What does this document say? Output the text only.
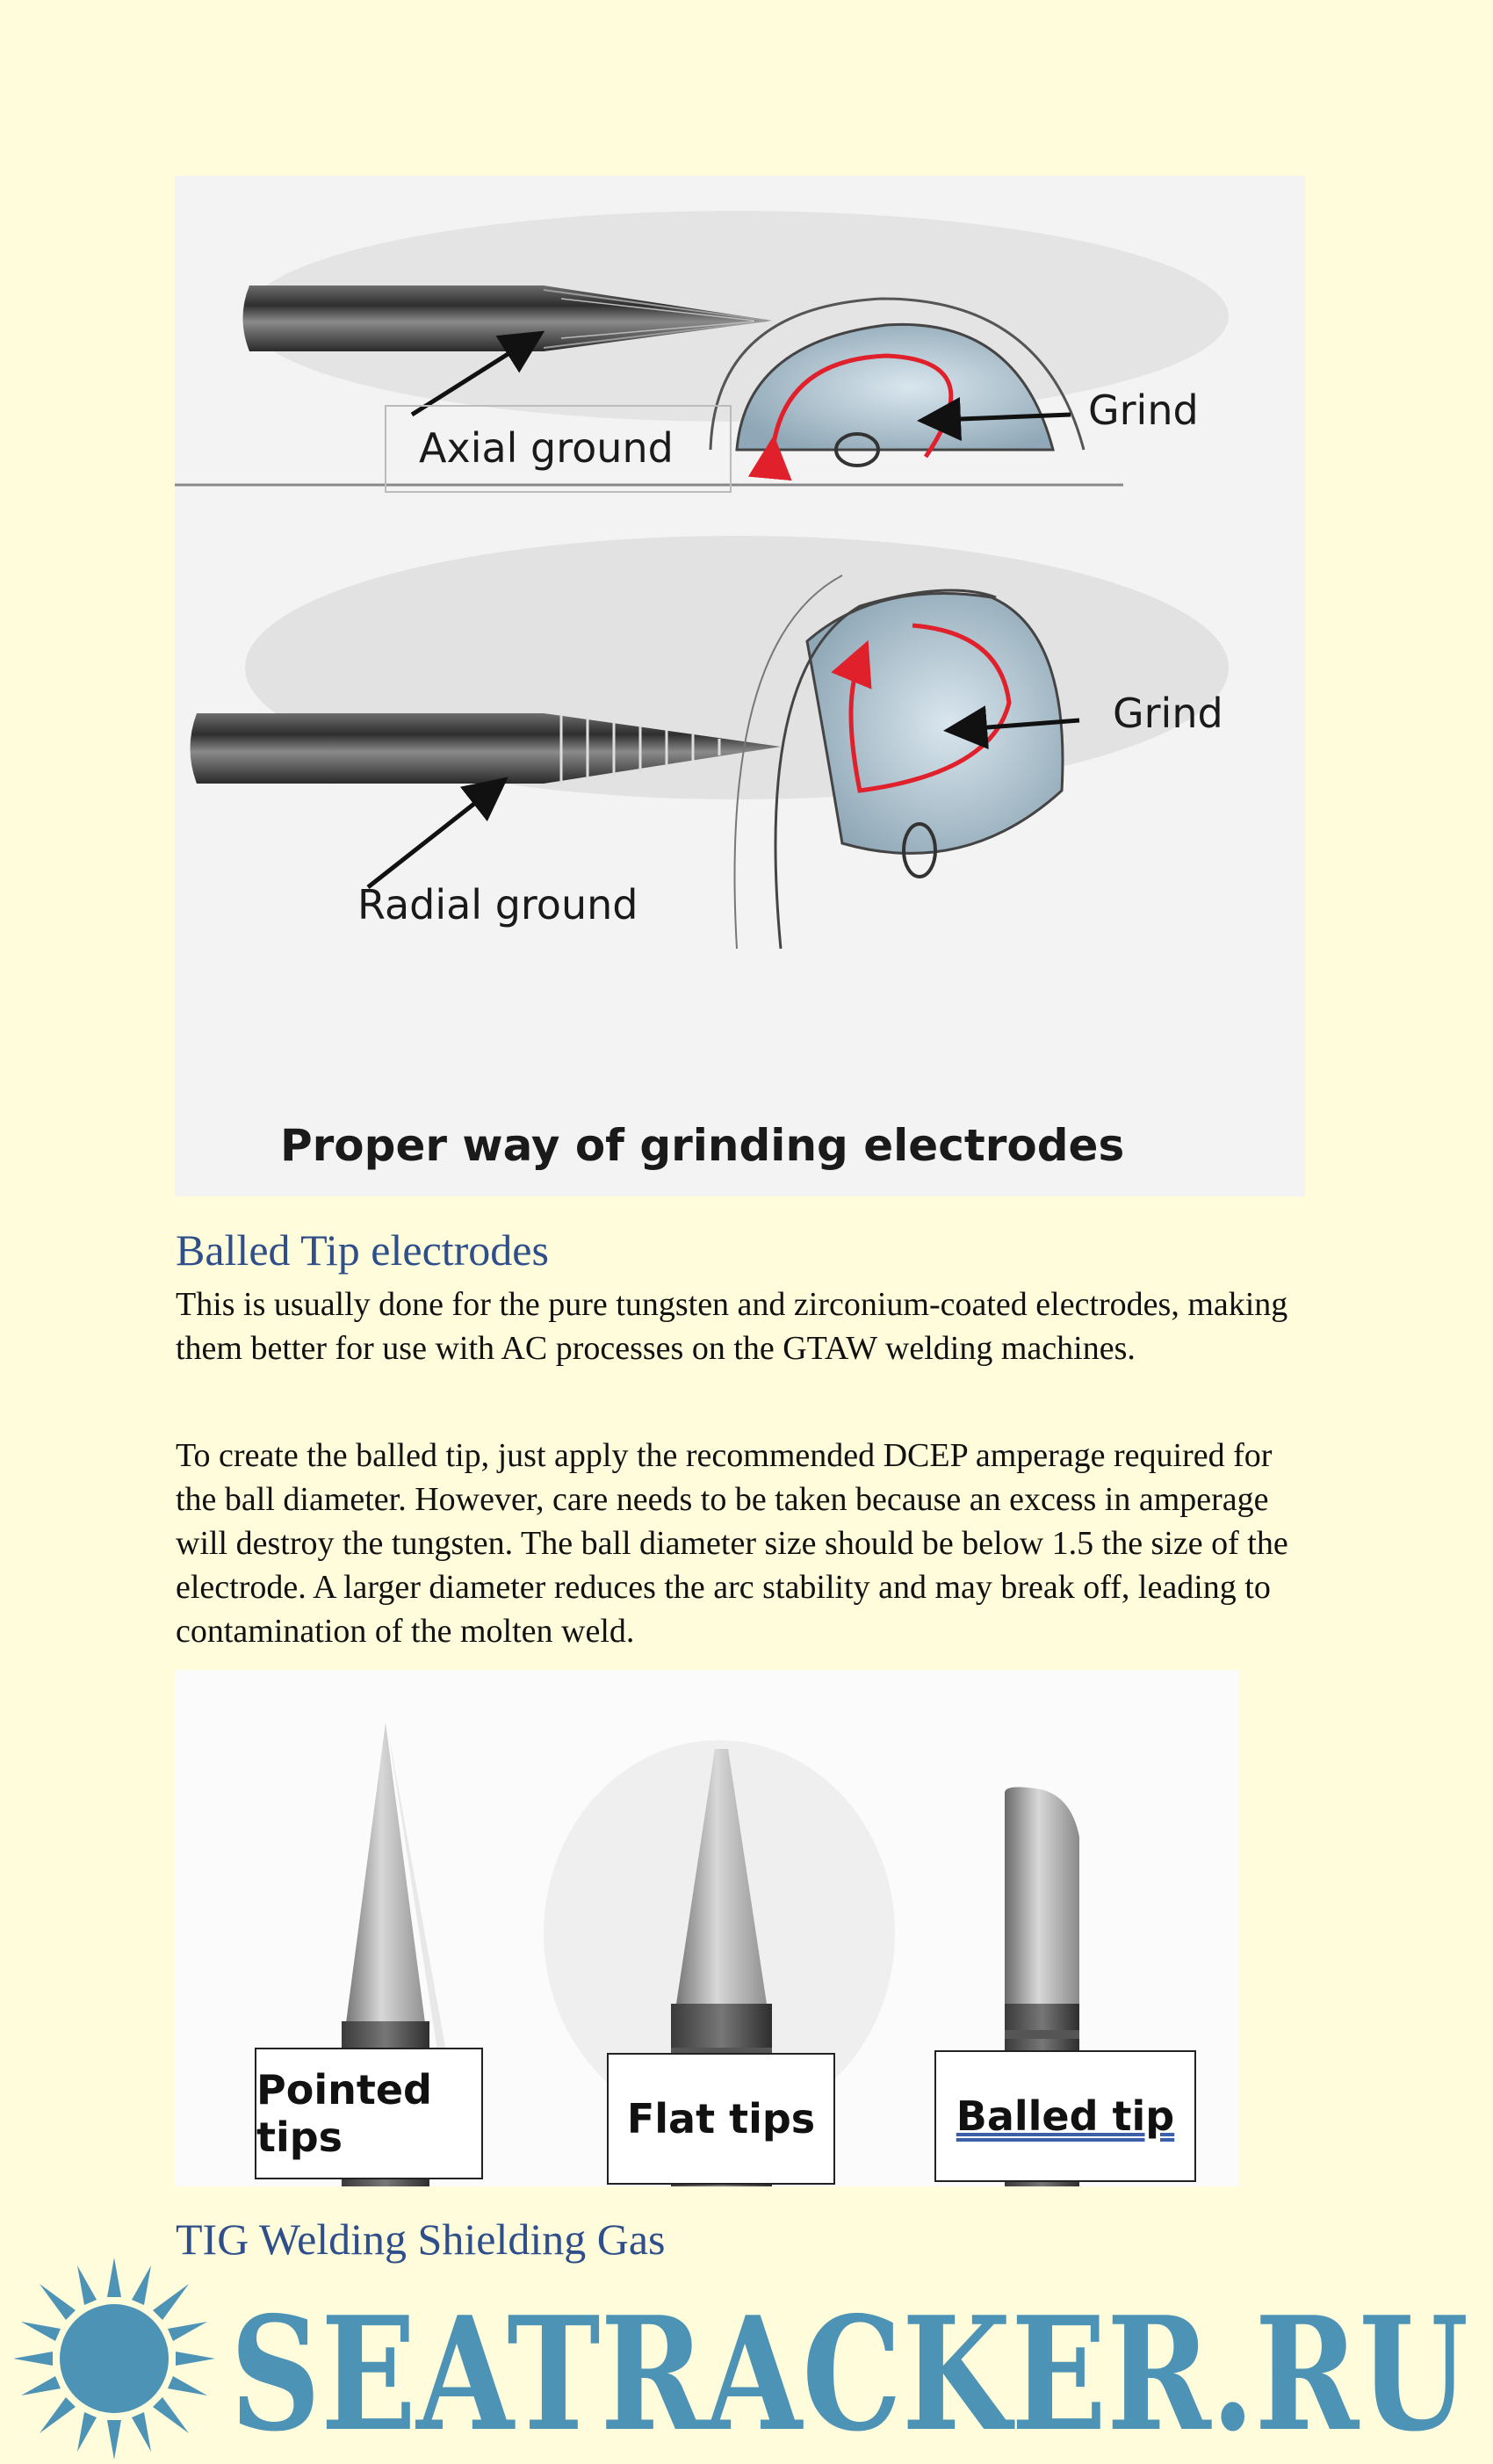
Axial ground
Grind
Radial ground
Grind
Proper way of grinding electrodes
Balled Tip electrodes

This is usually done for the pure tungsten and zirconium-coated electrodes, making them better for use with AC processes on the GTAW welding machines.

To create the balled tip, just apply the recommended DCEP amperage required for the ball diameter. However, care needs to be taken because an excess in amperage will destroy the tungsten. The ball diameter size should be below 1.5 the size of the electrode. A larger diameter reduces the arc stability and may break off, leading to contamination of the molten weld.

Pointed tips	Flat tips	Balled tip
TIG Welding Shielding Gas
SEATRACKER.RU
